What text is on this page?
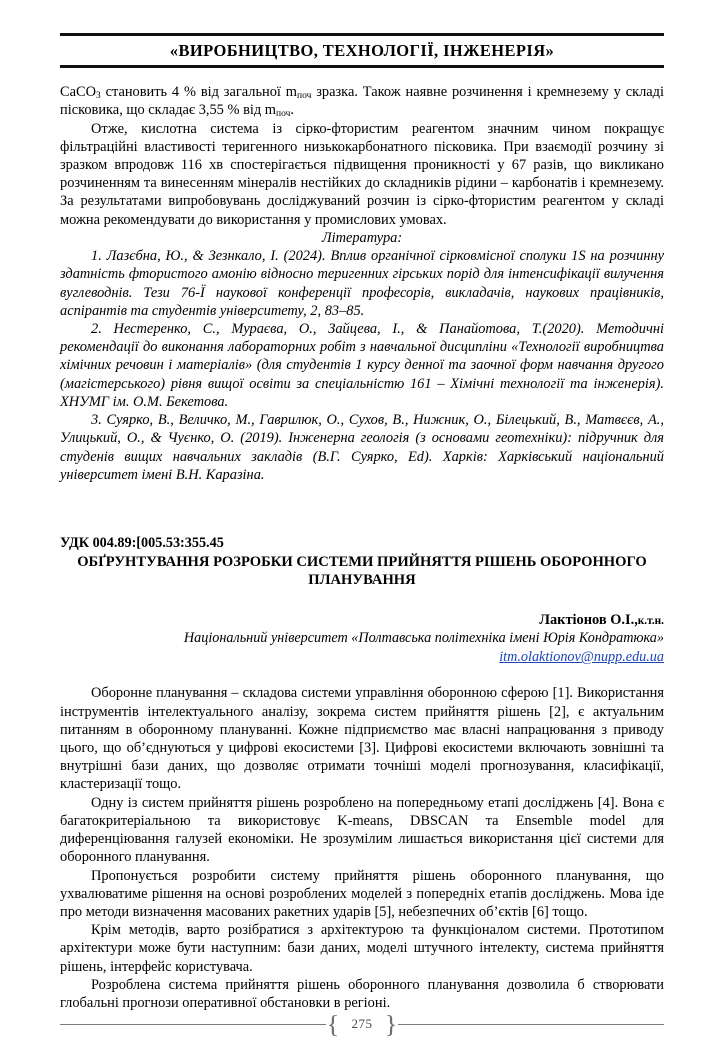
«ВИРОБНИЦТВО, ТЕХНОЛОГІЇ, ІНЖЕНЕРІЯ»

CaCO$_3$ становить 4 % від загальної $m_{поч}$ зразка. Також наявне розчинення і кремнезему у складі пісковика, що складає 3,55 % від $m_{поч}$.

Отже, кислотна система із сірко-фтористим реагентом значним чином покращує фільтраційні властивості теригенного низькокарбонатного пісковика. При взаємодії розчину зі зразком впродовж 116 хв спостерігається підвищення проникності у 67 разів, що викликано розчиненням та винесенням мінералів нестійких до складників рідини – карбонатів і кремнезему. За результатами випробовувань досліджуваний розчин із сірко-фтористим реагентом у складі можна рекомендувати до використання у промислових умовах.

Література:

1. Лазєбна, Ю., & Зезнкало, І. (2024). Вплив органічної сірковмісної сполуки 1S на розчинну здатність фтористого амонію відносно теригенних гірських порід для інтенсифікації вилучення вуглеводнів. Тези 76-Ї наукової конференції професорів, викладачів, наукових працівників, аспірантів та студентів університету, 2, 83–85.

2. Нестеренко, С., Мураєва, О., Зайцева, І., & Панайотова, Т.(2020). Методичні рекомендації до виконання лабораторних робіт з навчальної дисципліни «Технології виробництва хімічних речовин і матеріалів» (для студентів 1 курсу денної та заочної форм навчання другого (магістерського) рівня вищої освіти за спеціальністю 161 – Хімічні технології та інженерія). ХНУМГ ім. О.М. Бекетова.

3. Суярко, В., Величко, М., Гаврилюк, О., Сухов, В., Нижник, О., Білецький, В., Матвєєв, А., Улицький, О., & Чуєнко, О. (2019). Інженерна геологія (з основами геотехніки): підручник для студенів вищих навчальних закладів (В.Г. Суярко, Ed). Харків: Харківський національний університет імені В.Н. Каразіна.

УДК 004.89:[005.53:355.45

ОБҐРУНТУВАННЯ РОЗРОБКИ СИСТЕМИ ПРИЙНЯТТЯ РІШЕНЬ ОБОРОННОГО ПЛАНУВАННЯ

Лактіонов О.І.,к.т.н.

Національний університет «Полтавська політехніка імені Юрія Кондратюка»

itm.olaktionov@nupp.edu.ua

Оборонне планування – складова системи управління оборонною сферою [1]. Використання інструментів інтелектуального аналізу, зокрема систем прийняття рішень [2], є актуальним питанням в оборонному плануванні. Кожне підприємство має власні напрацювання з приводу цього, що об’єднуються у цифрові екосистеми [3]. Цифрові екосистеми включають зовнішні та внутрішні бази даних, що дозволяє отримати точніші моделі прогнозування, класифікації, кластеризації тощо.

Одну із систем прийняття рішень розроблено на попередньому етапі досліджень [4]. Вона є багатокритеріальною та використовує K-means, DBSCAN та Ensemble model для диференціювання галузей економіки. Не зрозумілим лишається використання цієї системи для оборонного планування.

Пропонується розробити систему прийняття рішень оборонного планування, що ухвалюватиме рішення на основі розроблених моделей з попередніх етапів досліджень. Мова іде про методи визначення масованих ракетних ударів [5], небезпечних об’єктів [6] тощо.

Крім методів, варто розібратися з архітектурою та функціоналом системи. Прототипом архітектури може бути наступним: бази даних, моделі штучного інтелекту, система прийняття рішень, інтерфейс користувача.

Розроблена система прийняття рішень оборонного планування дозволила б створювати глобальні прогнози оперативної обстановки в регіоні.

{ 275 }
